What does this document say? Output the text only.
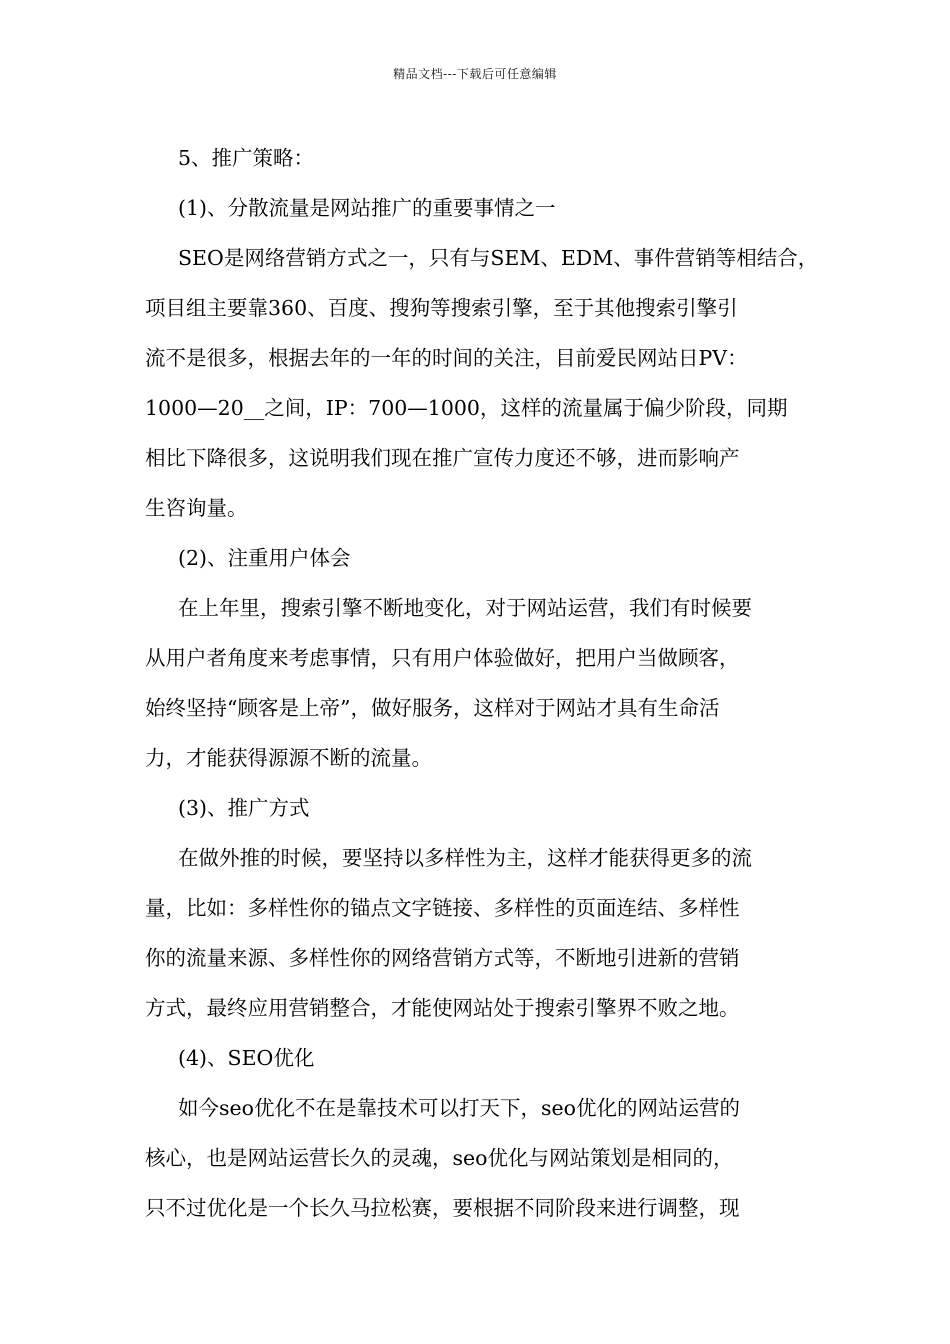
精品文档---下载后可任意编辑
5、推广策略：
(1)、分散流量是网站推广的重要事情之一
SEO是网络营销方式之一，只有与SEM、EDM、事件营销等相结合，
项目组主要靠360、百度、搜狗等搜索引擎，至于其他搜索引擎引
流不是很多，根据去年的一年的时间的关注，目前爱民网站日PV：
1000—20__之间，IP：700—1000，这样的流量属于偏少阶段，同期
相比下降很多，这说明我们现在推广宣传力度还不够，进而影响产
生咨询量。
(2)、注重用户体会
在上年里，搜索引擎不断地变化，对于网站运营，我们有时候要
从用户者角度来考虑事情，只有用户体验做好，把用户当做顾客，
始终坚持“顾客是上帝”，做好服务，这样对于网站才具有生命活
力，才能获得源源不断的流量。
(3)、推广方式
在做外推的时候，要坚持以多样性为主，这样才能获得更多的流
量，比如：多样性你的锚点文字链接、多样性的页面连结、多样性
你的流量来源、多样性你的网络营销方式等，不断地引进新的营销
方式，最终应用营销整合，才能使网站处于搜索引擎界不败之地。
(4)、SEO优化
如今seo优化不在是靠技术可以打天下，seo优化的网站运营的
核心，也是网站运营长久的灵魂，seo优化与网站策划是相同的，
只不过优化是一个长久马拉松赛，要根据不同阶段来进行调整，现
